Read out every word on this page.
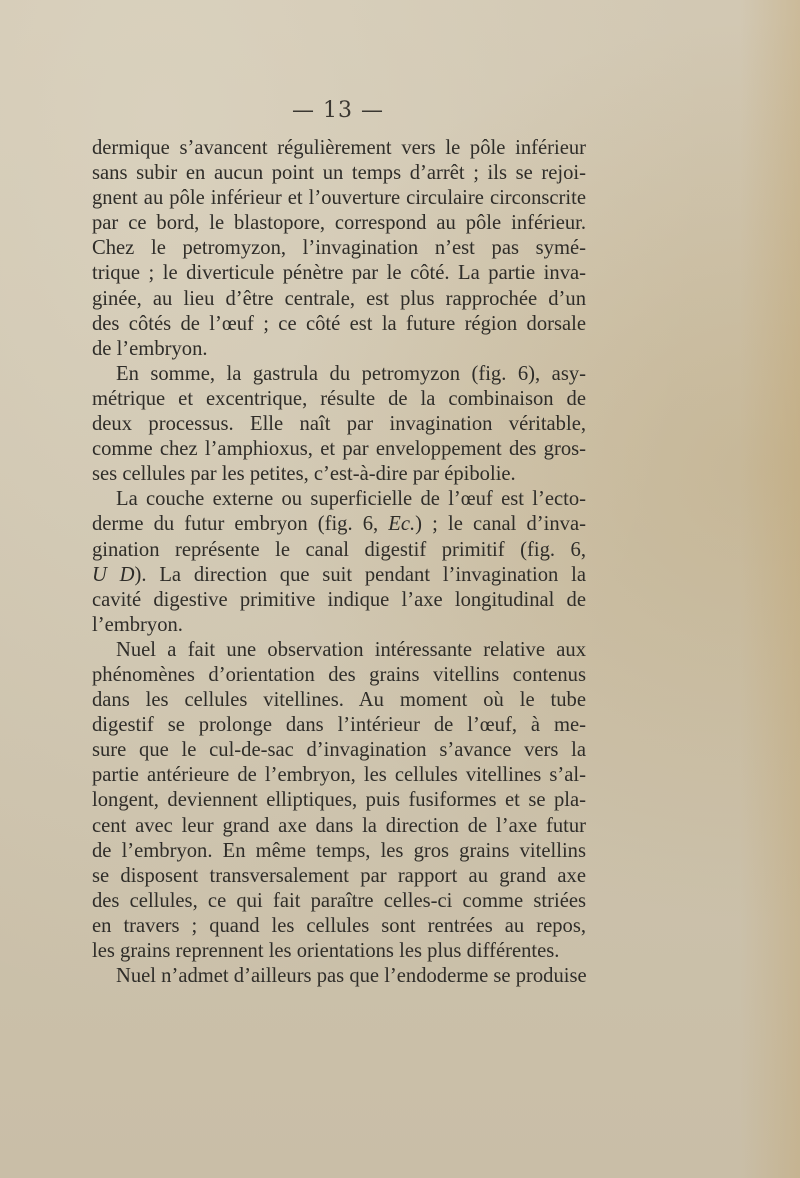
— 13 —
dermique s’avancent régulièrement vers le pôle inférieur
sans subir en aucun point un temps d’arrêt ; ils se rejoi-
gnent au pôle inférieur et l’ouverture circulaire circonscrite
par ce bord, le blastopore, correspond au pôle inférieur.
Chez le petromyzon, l’invagination n’est pas symé-
trique ; le diverticule pénètre par le côté. La partie inva-
ginée, au lieu d’être centrale, est plus rapprochée d’un
des côtés de l’œuf ; ce côté est la future région dorsale
de l’embryon.
En somme, la gastrula du petromyzon (fig. 6), asy-
métrique et excentrique, résulte de la combinaison de
deux processus. Elle naît par invagination véritable,
comme chez l’amphioxus, et par enveloppement des gros-
ses cellules par les petites, c’est-à-dire par épibolie.
La couche externe ou superficielle de l’œuf est l’ecto-
derme du futur embryon (fig. 6, Ec.) ; le canal d’inva-
gination représente le canal digestif primitif (fig. 6,
U D). La direction que suit pendant l’invagination la
cavité digestive primitive indique l’axe longitudinal de
l’embryon.
Nuel a fait une observation intéressante relative aux
phénomènes d’orientation des grains vitellins contenus
dans les cellules vitellines. Au moment où le tube
digestif se prolonge dans l’intérieur de l’œuf, à me-
sure que le cul-de-sac d’invagination s’avance vers la
partie antérieure de l’embryon, les cellules vitellines s’al-
longent, deviennent elliptiques, puis fusiformes et se pla-
cent avec leur grand axe dans la direction de l’axe futur
de l’embryon. En même temps, les gros grains vitellins
se disposent transversalement par rapport au grand axe
des cellules, ce qui fait paraître celles-ci comme striées
en travers ; quand les cellules sont rentrées au repos,
les grains reprennent les orientations les plus différentes.
Nuel n’admet d’ailleurs pas que l’endoderme se produise
